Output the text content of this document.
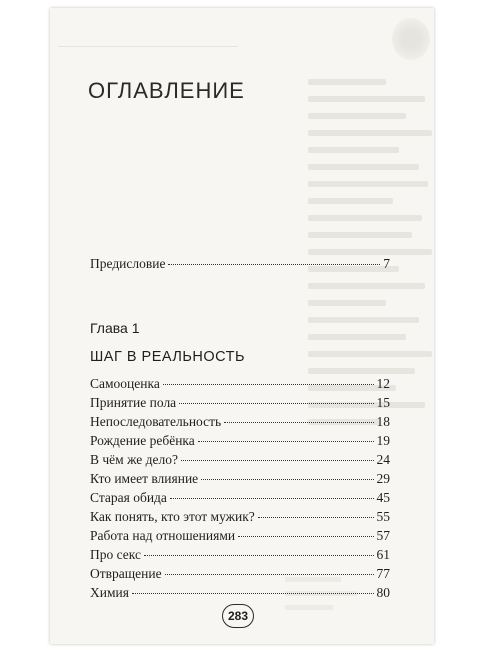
ОГЛАВЛЕНИЕ
Предисловие	7
Глава 1
ШАГ В РЕАЛЬНОСТЬ
Самооценка	12
Принятие пола	15
Непоследовательность	18
Рождение ребёнка	19
В чём же дело?	24
Кто имеет влияние	29
Старая обида	45
Как понять, кто этот мужик?	55
Работа над отношениями	57
Про секс	61
Отвращение	77
Химия	80
283
